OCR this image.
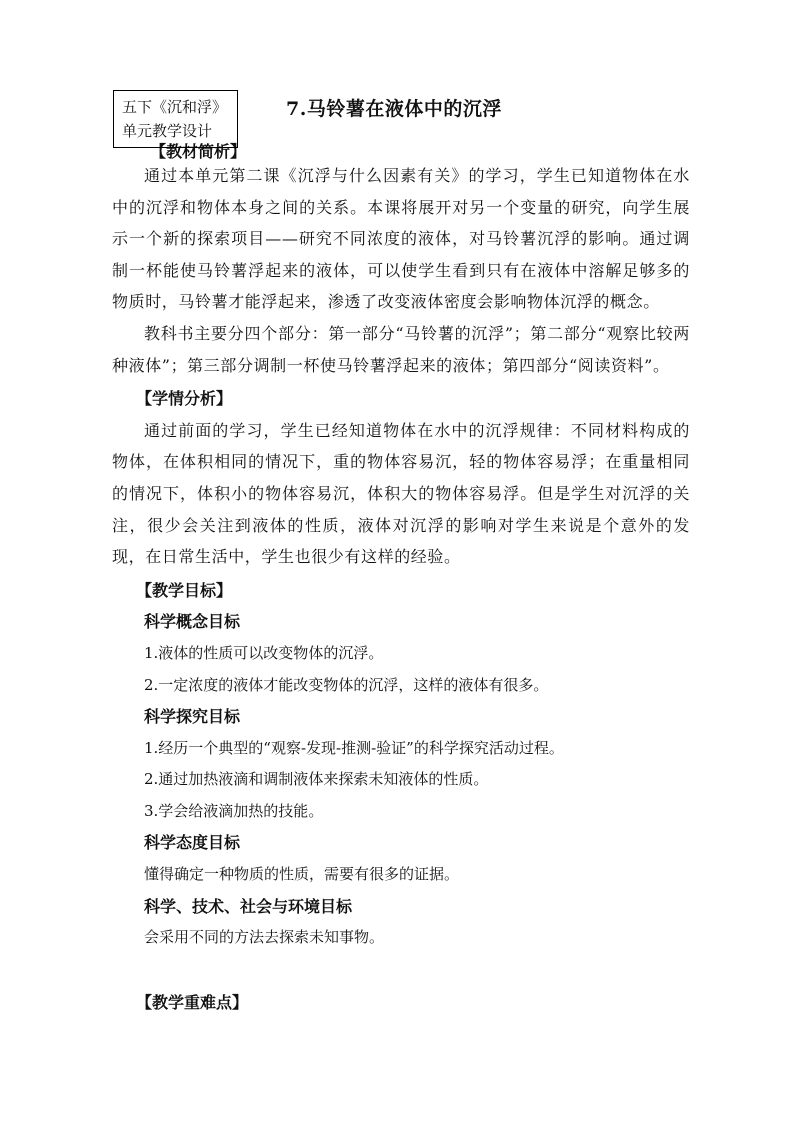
五下《沉和浮》
单元教学设计
7.马铃薯在液体中的沉浮
【教材简析】

通过本单元第二课《沉浮与什么因素有关》的学习，学生已知道物体在水中的沉浮和物体本身之间的关系。本课将展开对另一个变量的研究，向学生展示一个新的探索项目——研究不同浓度的液体，对马铃薯沉浮的影响。通过调制一杯能使马铃薯浮起来的液体，可以使学生看到只有在液体中溶解足够多的物质时，马铃薯才能浮起来，渗透了改变液体密度会影响物体沉浮的概念。

教科书主要分四个部分：第一部分“马铃薯的沉浮”；第二部分“观察比较两种液体”；第三部分调制一杯使马铃薯浮起来的液体；第四部分“阅读资料”。

【学情分析】

通过前面的学习，学生已经知道物体在水中的沉浮规律：不同材料构成的物体，在体积相同的情况下，重的物体容易沉，轻的物体容易浮；在重量相同的情况下，体积小的物体容易沉，体积大的物体容易浮。但是学生对沉浮的关注，很少会关注到液体的性质，液体对沉浮的影响对学生来说是个意外的发现，在日常生活中，学生也很少有这样的经验。

【教学目标】

科学概念目标

1.液体的性质可以改变物体的沉浮。

2.一定浓度的液体才能改变物体的沉浮，这样的液体有很多。

科学探究目标

1.经历一个典型的“观察-发现-推测-验证”的科学探究活动过程。

2.通过加热液滴和调制液体来探索未知液体的性质。

3.学会给液滴加热的技能。

科学态度目标

懂得确定一种物质的性质，需要有很多的证据。

科学、技术、社会与环境目标

会采用不同的方法去探索未知事物。

【教学重难点】
